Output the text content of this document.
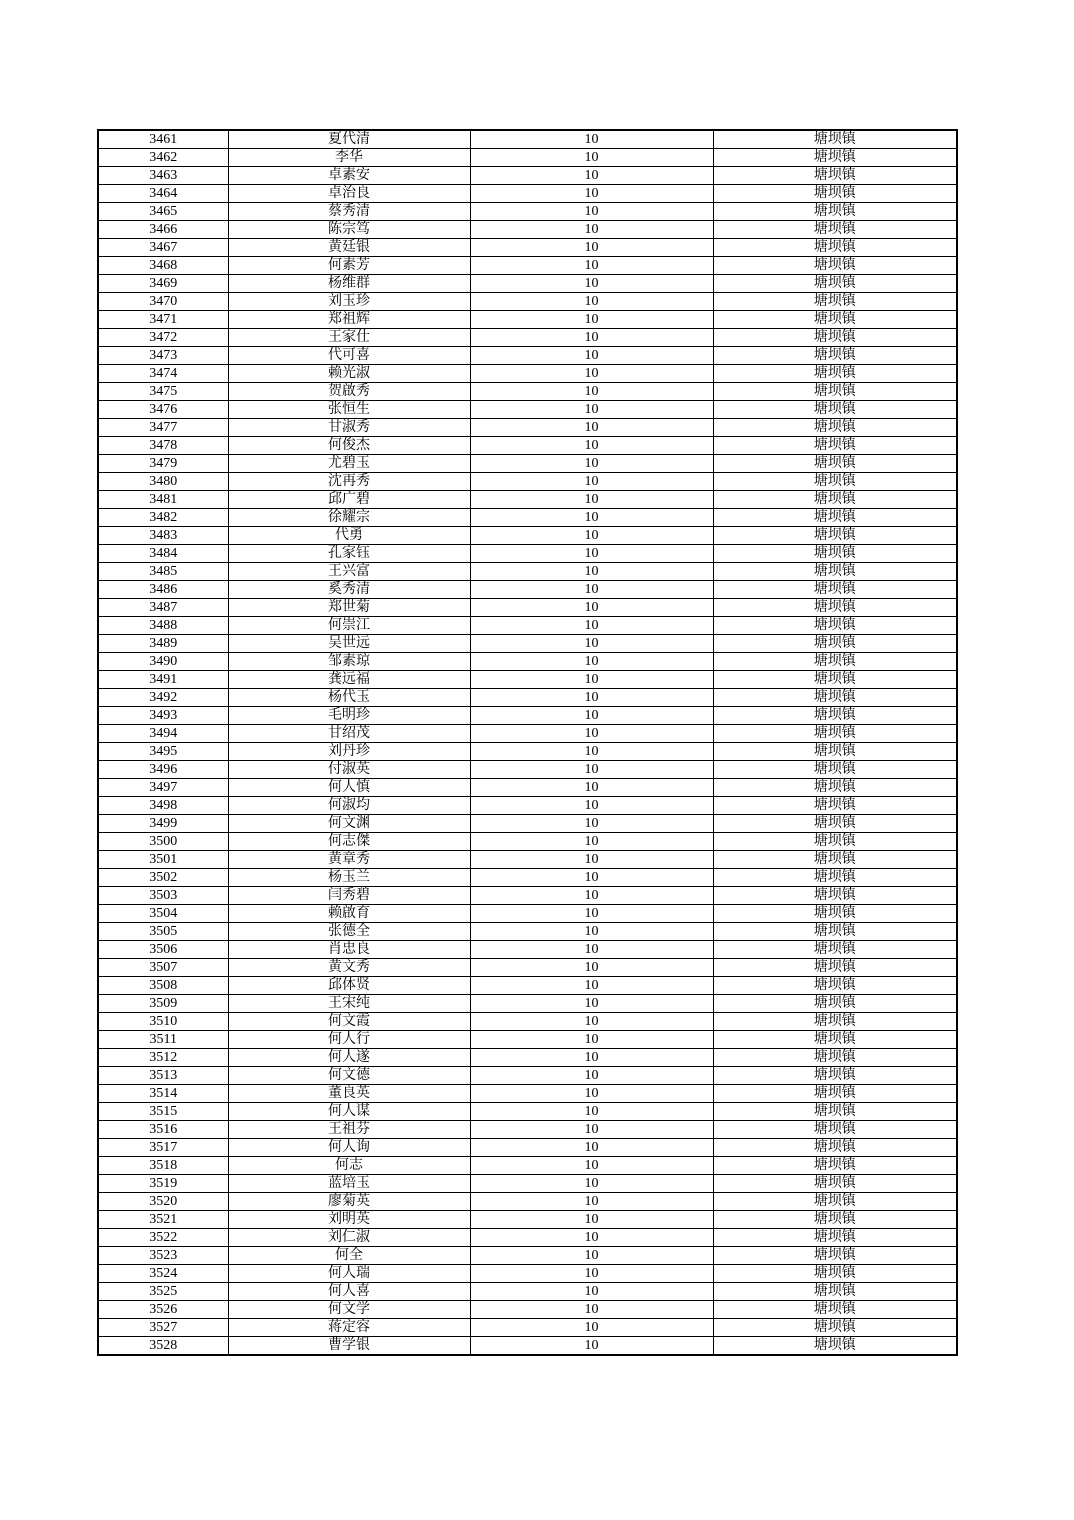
3461	夏代清	10	塘坝镇
3462	李华	10	塘坝镇
3463	卓素安	10	塘坝镇
3464	卓治良	10	塘坝镇
3465	蔡秀清	10	塘坝镇
3466	陈宗笃	10	塘坝镇
3467	黄廷银	10	塘坝镇
3468	何素芳	10	塘坝镇
3469	杨维群	10	塘坝镇
3470	刘玉珍	10	塘坝镇
3471	郑祖辉	10	塘坝镇
3472	王家仕	10	塘坝镇
3473	代可喜	10	塘坝镇
3474	赖光淑	10	塘坝镇
3475	贺啟秀	10	塘坝镇
3476	张恒生	10	塘坝镇
3477	甘淑秀	10	塘坝镇
3478	何俊杰	10	塘坝镇
3479	尤碧玉	10	塘坝镇
3480	沈再秀	10	塘坝镇
3481	邱广碧	10	塘坝镇
3482	徐耀宗	10	塘坝镇
3483	代勇	10	塘坝镇
3484	孔家钰	10	塘坝镇
3485	王兴富	10	塘坝镇
3486	奚秀清	10	塘坝镇
3487	郑世菊	10	塘坝镇
3488	何崇江	10	塘坝镇
3489	吴世远	10	塘坝镇
3490	邹素琼	10	塘坝镇
3491	龚远福	10	塘坝镇
3492	杨代玉	10	塘坝镇
3493	毛明珍	10	塘坝镇
3494	甘绍茂	10	塘坝镇
3495	刘丹珍	10	塘坝镇
3496	付淑英	10	塘坝镇
3497	何人慎	10	塘坝镇
3498	何淑均	10	塘坝镇
3499	何文渊	10	塘坝镇
3500	何志傑	10	塘坝镇
3501	黄章秀	10	塘坝镇
3502	杨玉兰	10	塘坝镇
3503	闫秀碧	10	塘坝镇
3504	赖啟育	10	塘坝镇
3505	张德全	10	塘坝镇
3506	肖忠良	10	塘坝镇
3507	黄文秀	10	塘坝镇
3508	邱体贤	10	塘坝镇
3509	王宋纯	10	塘坝镇
3510	何文霞	10	塘坝镇
3511	何人行	10	塘坝镇
3512	何人遂	10	塘坝镇
3513	何文德	10	塘坝镇
3514	董良英	10	塘坝镇
3515	何人谋	10	塘坝镇
3516	王祖芬	10	塘坝镇
3517	何人询	10	塘坝镇
3518	何志	10	塘坝镇
3519	蓝培玉	10	塘坝镇
3520	廖菊英	10	塘坝镇
3521	刘明英	10	塘坝镇
3522	刘仁淑	10	塘坝镇
3523	何全	10	塘坝镇
3524	何人瑞	10	塘坝镇
3525	何人喜	10	塘坝镇
3526	何文学	10	塘坝镇
3527	蒋定容	10	塘坝镇
3528	曹学银	10	塘坝镇
